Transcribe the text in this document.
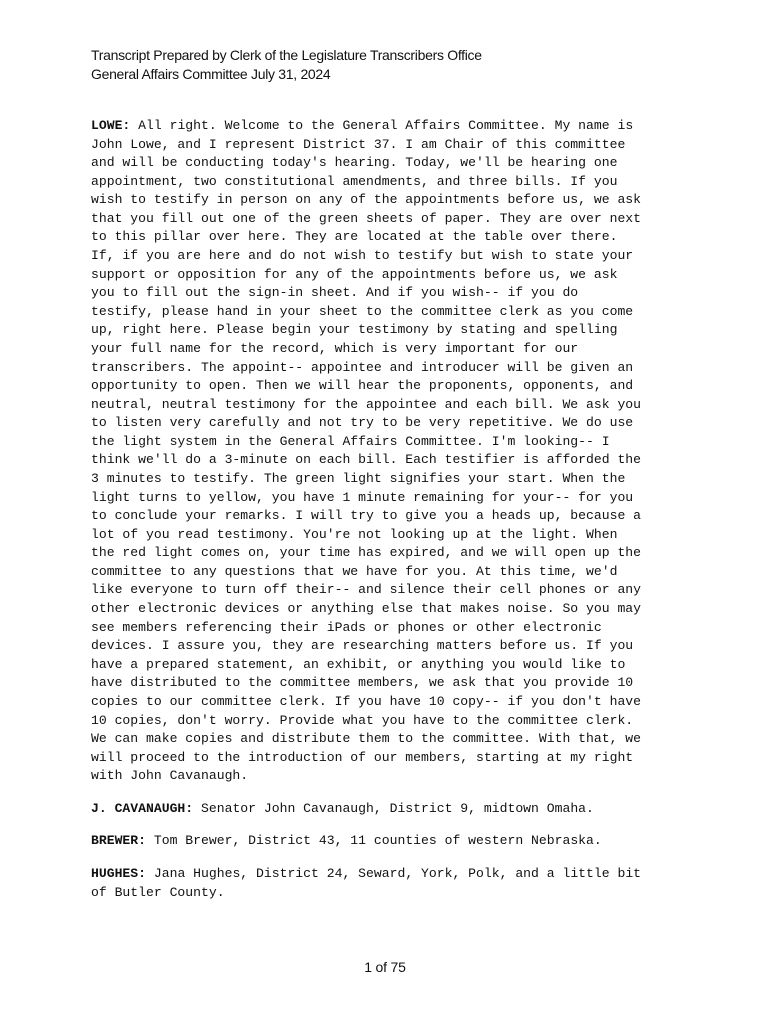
Transcript Prepared by Clerk of the Legislature Transcribers Office
General Affairs Committee July 31, 2024

LOWE: All right. Welcome to the General Affairs Committee. My name is
John Lowe, and I represent District 37. I am Chair of this committee
and will be conducting today's hearing. Today, we'll be hearing one
appointment, two constitutional amendments, and three bills. If you
wish to testify in person on any of the appointments before us, we ask
that you fill out one of the green sheets of paper. They are over next
to this pillar over here. They are located at the table over there.
If, if you are here and do not wish to testify but wish to state your
support or opposition for any of the appointments before us, we ask
you to fill out the sign-in sheet. And if you wish-- if you do
testify, please hand in your sheet to the committee clerk as you come
up, right here. Please begin your testimony by stating and spelling
your full name for the record, which is very important for our
transcribers. The appoint-- appointee and introducer will be given an
opportunity to open. Then we will hear the proponents, opponents, and
neutral, neutral testimony for the appointee and each bill. We ask you
to listen very carefully and not try to be very repetitive. We do use
the light system in the General Affairs Committee. I'm looking-- I
think we'll do a 3-minute on each bill. Each testifier is afforded the
3 minutes to testify. The green light signifies your start. When the
light turns to yellow, you have 1 minute remaining for your-- for you
to conclude your remarks. I will try to give you a heads up, because a
lot of you read testimony. You're not looking up at the light. When
the red light comes on, your time has expired, and we will open up the
committee to any questions that we have for you. At this time, we'd
like everyone to turn off their-- and silence their cell phones or any
other electronic devices or anything else that makes noise. So you may
see members referencing their iPads or phones or other electronic
devices. I assure you, they are researching matters before us. If you
have a prepared statement, an exhibit, or anything you would like to
have distributed to the committee members, we ask that you provide 10
copies to our committee clerk. If you have 10 copy-- if you don't have
10 copies, don't worry. Provide what you have to the committee clerk.
We can make copies and distribute them to the committee. With that, we
will proceed to the introduction of our members, starting at my right
with John Cavanaugh.

J. CAVANAUGH: Senator John Cavanaugh, District 9, midtown Omaha.

BREWER: Tom Brewer, District 43, 11 counties of western Nebraska.

HUGHES: Jana Hughes, District 24, Seward, York, Polk, and a little bit
of Butler County.

1 of 75
